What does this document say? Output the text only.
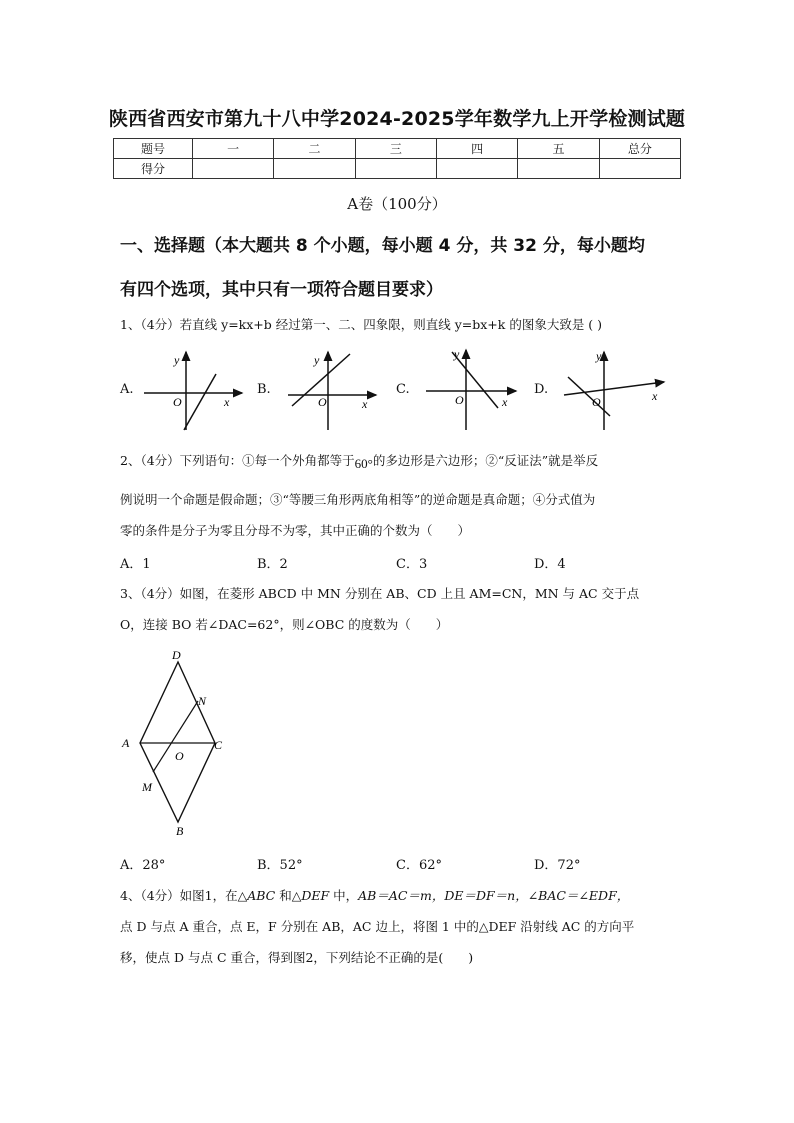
陕西省西安市第九十八中学2024-2025学年数学九上开学检测试题
题号	一	二	三	四	五	总分
得分						
A卷（100分）
一、选择题（本大题共 8 个小题，每小题 4 分，共 32 分，每小题均
有四个选项，其中只有一项符合题目要求）
1、（4分）若直线 y=kx+b 经过第一、二、四象限，则直线 y=bx+k 的图象大致是 ( )
A.	B.	C.	D.
y
x
O
y
x
O
y
x
O
y
x
O
2、（4分）下列语句：①每一个外角都等于60°的多边形是六边形；②“反证法”就是举反
例说明一个命题是假命题；③“等腰三角形两底角相等”的逆命题是真命题；④分式值为
零的条件是分子为零且分母不为零，其中正确的个数为（　　）
A．1	B．2	C．3	D．4
3、（4分）如图，在菱形 ABCD 中 MN 分别在 AB、CD 上且 AM=CN，MN 与 AC 交于点
O，连接 BO 若∠DAC=62°，则∠OBC 的度数为（　　）
D
N
A	C
O
M
B
A．28°	B．52°	C．62°	D．72°
4、（4分）如图1，在△ABC 和△DEF 中，AB＝AC＝m，DE＝DF＝n，∠BAC＝∠EDF，
点 D 与点 A 重合，点 E，F 分别在 AB，AC 边上，将图 1 中的△DEF 沿射线 AC 的方向平
移，使点 D 与点 C 重合，得到图2，下列结论不正确的是(　　)
